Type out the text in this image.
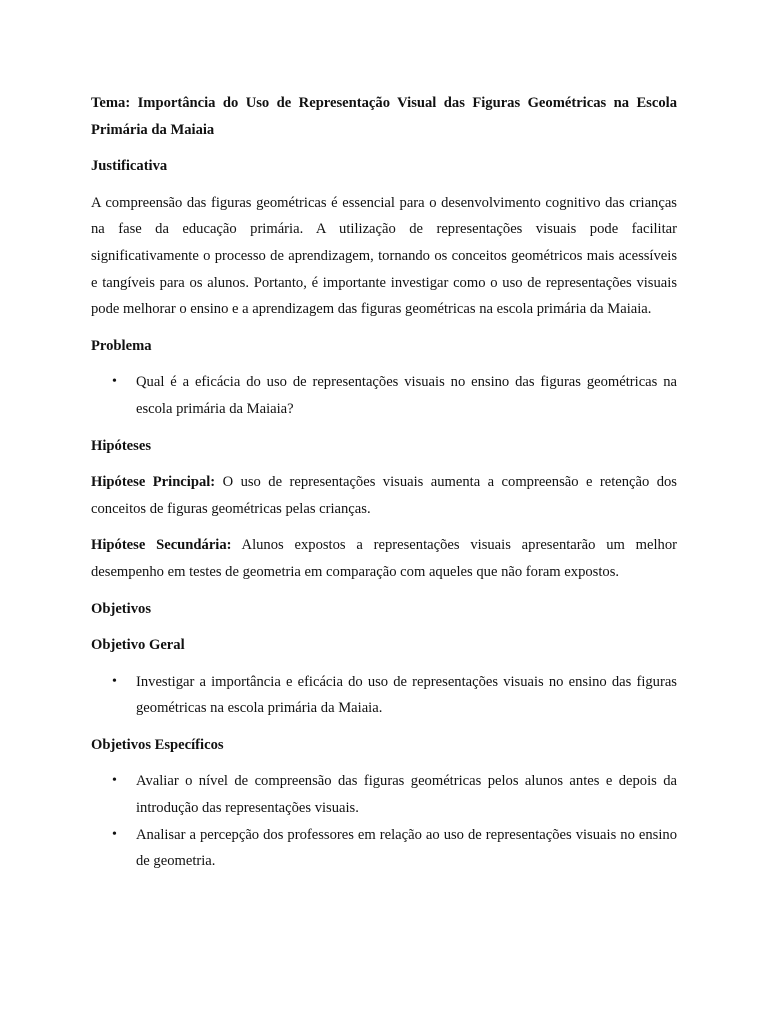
Tema: Importância do Uso de Representação Visual das Figuras Geométricas na Escola Primária da Maiaia

Justificativa

A compreensão das figuras geométricas é essencial para o desenvolvimento cognitivo das crianças na fase da educação primária. A utilização de representações visuais pode facilitar significativamente o processo de aprendizagem, tornando os conceitos geométricos mais acessíveis e tangíveis para os alunos. Portanto, é importante investigar como o uso de representações visuais pode melhorar o ensino e a aprendizagem das figuras geométricas na escola primária da Maiaia.

Problema

• Qual é a eficácia do uso de representações visuais no ensino das figuras geométricas na escola primária da Maiaia?

Hipóteses

Hipótese Principal: O uso de representações visuais aumenta a compreensão e retenção dos conceitos de figuras geométricas pelas crianças.

Hipótese Secundária: Alunos expostos a representações visuais apresentarão um melhor desempenho em testes de geometria em comparação com aqueles que não foram expostos.

Objetivos

Objetivo Geral

• Investigar a importância e eficácia do uso de representações visuais no ensino das figuras geométricas na escola primária da Maiaia.

Objetivos Específicos

• Avaliar o nível de compreensão das figuras geométricas pelos alunos antes e depois da introdução das representações visuais.
• Analisar a percepção dos professores em relação ao uso de representações visuais no ensino de geometria.
